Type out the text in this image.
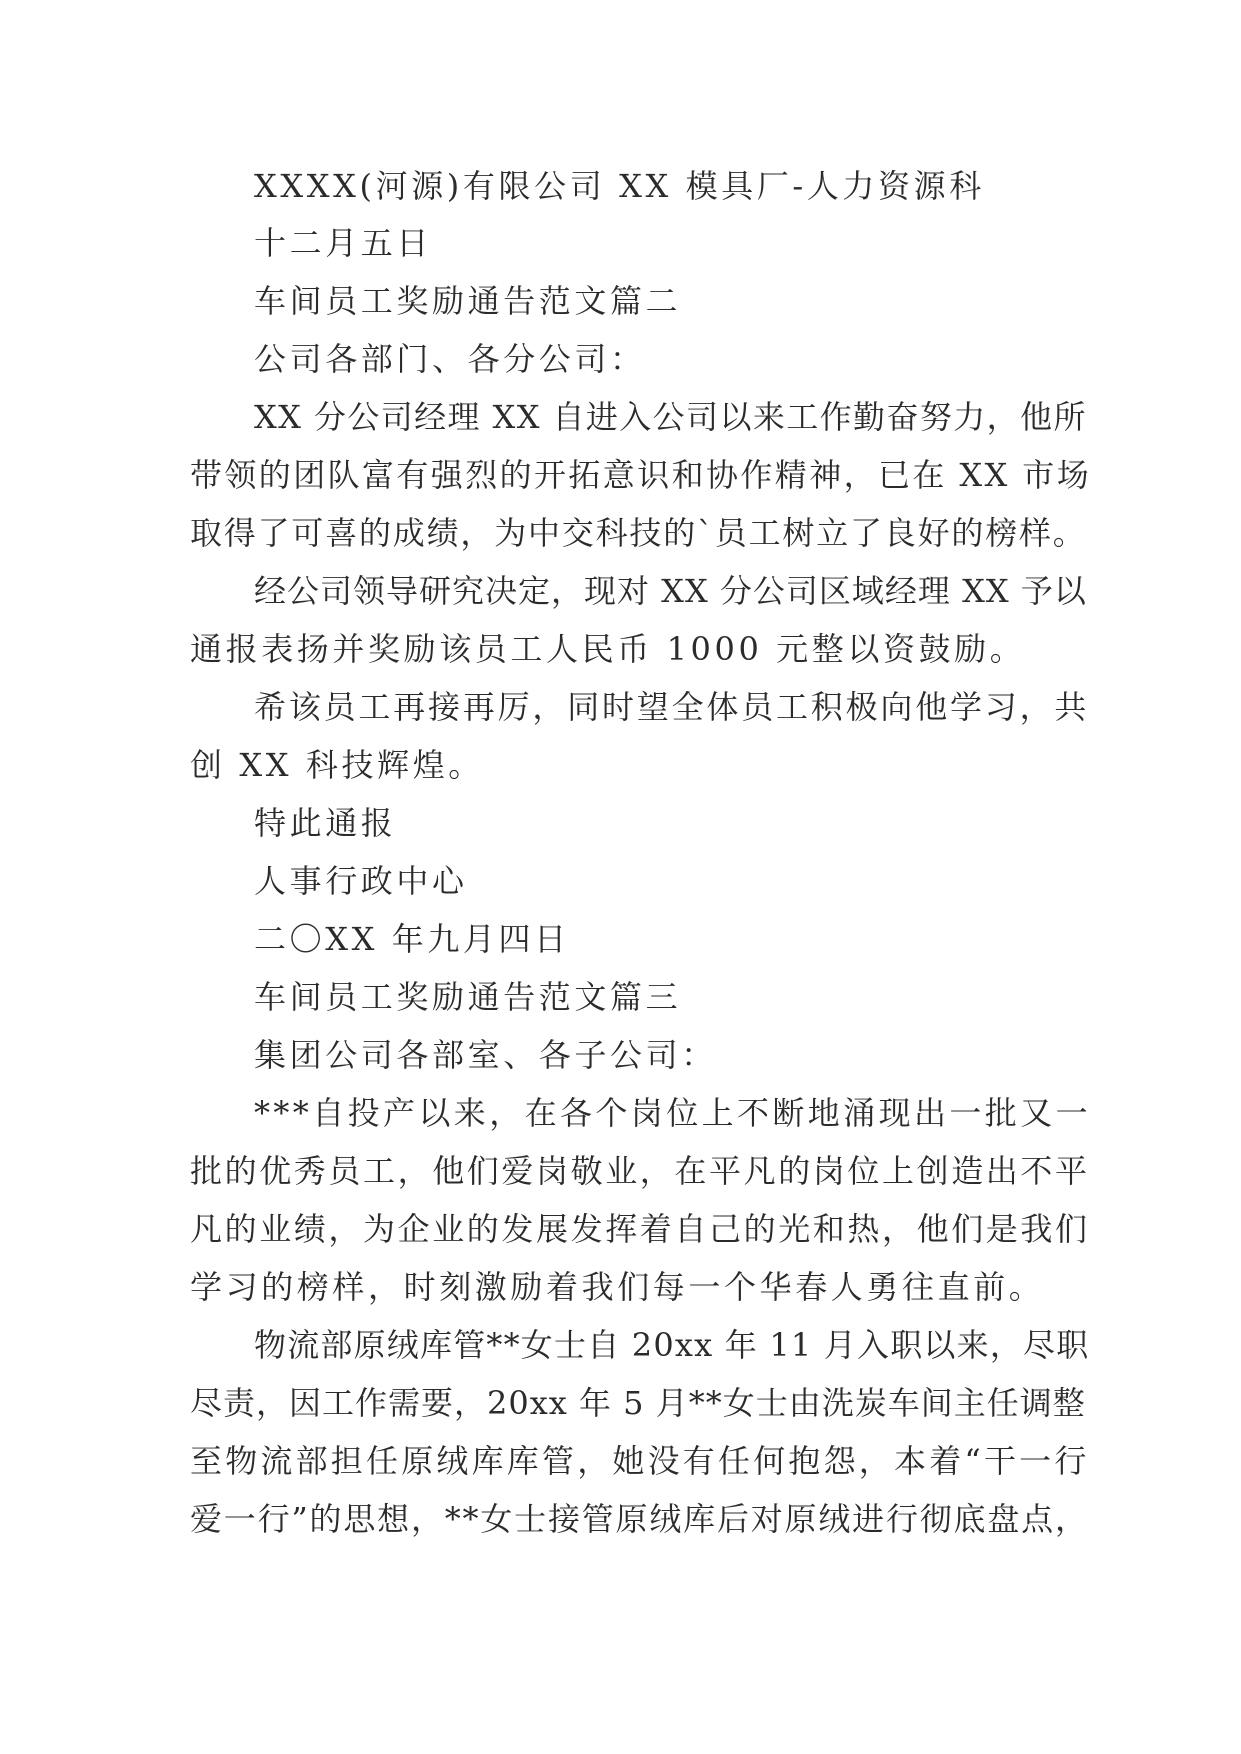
XXXX(河源)有限公司 XX 模具厂-人力资源科
十二月五日
车间员工奖励通告范文篇二
公司各部门、各分公司：
XX 分公司经理 XX 自进入公司以来工作勤奋努力，他所
带领的团队富有强烈的开拓意识和协作精神，已在 XX 市场
取得了可喜的成绩，为中交科技的`员工树立了良好的榜样。
经公司领导研究决定，现对 XX 分公司区域经理 XX 予以
通报表扬并奖励该员工人民币 1000 元整以资鼓励。
希该员工再接再厉，同时望全体员工积极向他学习，共
创 XX 科技辉煌。
特此通报
人事行政中心
二〇XX 年九月四日
车间员工奖励通告范文篇三
集团公司各部室、各子公司：
***自投产以来，在各个岗位上不断地涌现出一批又一
批的优秀员工，他们爱岗敬业，在平凡的岗位上创造出不平
凡的业绩，为企业的发展发挥着自己的光和热，他们是我们
学习的榜样，时刻激励着我们每一个华春人勇往直前。
物流部原绒库管**女士自 20xx 年 11 月入职以来，尽职
尽责，因工作需要，20xx 年 5 月**女士由洗炭车间主任调整
至物流部担任原绒库库管，她没有任何抱怨，本着“干一行
爱一行”的思想，**女士接管原绒库后对原绒进行彻底盘点，
